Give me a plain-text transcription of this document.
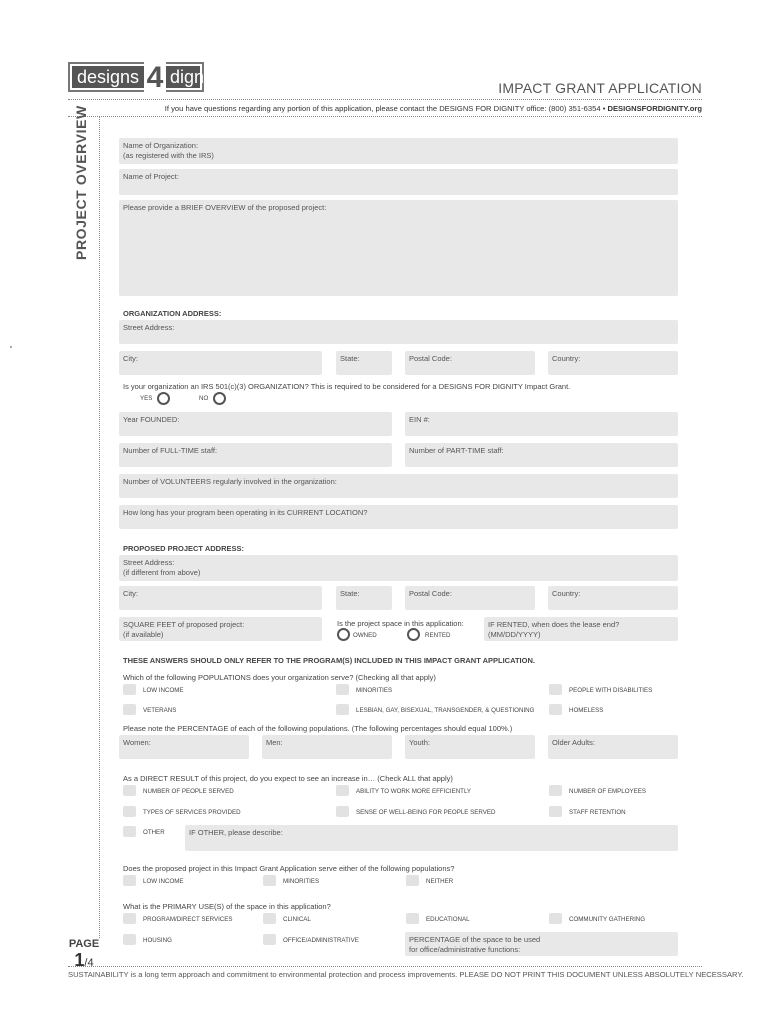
designs 4 dignity
IMPACT GRANT APPLICATION
If you have questions regarding any portion of this application, please contact the DESIGNS FOR DIGNITY office: (800) 351-6354 • DESIGNSFORDIGNITY.org
PROJECT OVERVIEW
PAGE
1/4
Name of Organization:
(as registered with the IRS)
Name of Project:
Please provide a BRIEF OVERVIEW of the proposed project:
ORGANIZATION ADDRESS:
Street Address:
City:	State:	Postal Code:	Country:
Is your organization an IRS 501(c)(3) ORGANIZATION? This is required to be considered for a DESIGNS FOR DIGNITY Impact Grant.
YES	NO
Year FOUNDED:	EIN #:
Number of FULL-TIME staff:	Number of PART-TIME staff:
Number of VOLUNTEERS regularly involved in the organization:
How long has your program been operating in its CURRENT LOCATION?
PROPOSED PROJECT ADDRESS:
Street Address:
(if different from above)
City:	State:	Postal Code:	Country:
SQUARE FEET of proposed project:
(if available)
Is the project space in this application:
OWNED	RENTED
IF RENTED, when does the lease end?
(MM/DD/YYYY)
THESE ANSWERS SHOULD ONLY REFER TO THE PROGRAM(S) INCLUDED IN THIS IMPACT GRANT APPLICATION.
Which of the following POPULATIONS does your organization serve? (Checking all that apply)
LOW INCOME	MINORITIES	PEOPLE WITH DISABILITIES
VETERANS	LESBIAN, GAY, BISEXUAL, TRANSGENDER, & QUESTIONING	HOMELESS
Please note the PERCENTAGE of each of the following populations. (The following percentages should equal 100%.)
Women:	Men:	Youth:	Older Adults:
As a DIRECT RESULT of this project, do you expect to see an increase in… (Check ALL that apply)
NUMBER OF PEOPLE SERVED	ABILITY TO WORK MORE EFFICIENTLY	NUMBER OF EMPLOYEES
TYPES OF SERVICES PROVIDED	SENSE OF WELL-BEING FOR PEOPLE SERVED	STAFF RETENTION
OTHER	IF OTHER, please describe:
Does the proposed project in this Impact Grant Application serve either of the following populations?
LOW INCOME	MINORITIES	NEITHER
What is the PRIMARY USE(S) of the space in this application?
PROGRAM/DIRECT SERVICES	CLINICAL	EDUCATIONAL	COMMUNITY GATHERING
HOUSING	OFFICE/ADMINISTRATIVE	PERCENTAGE of the space to be used
for office/administrative functions:
SUSTAINABILITY is a long term approach and commitment to environmental protection and process improvements. PLEASE DO NOT PRINT THIS DOCUMENT UNLESS ABSOLUTELY NECESSARY.
